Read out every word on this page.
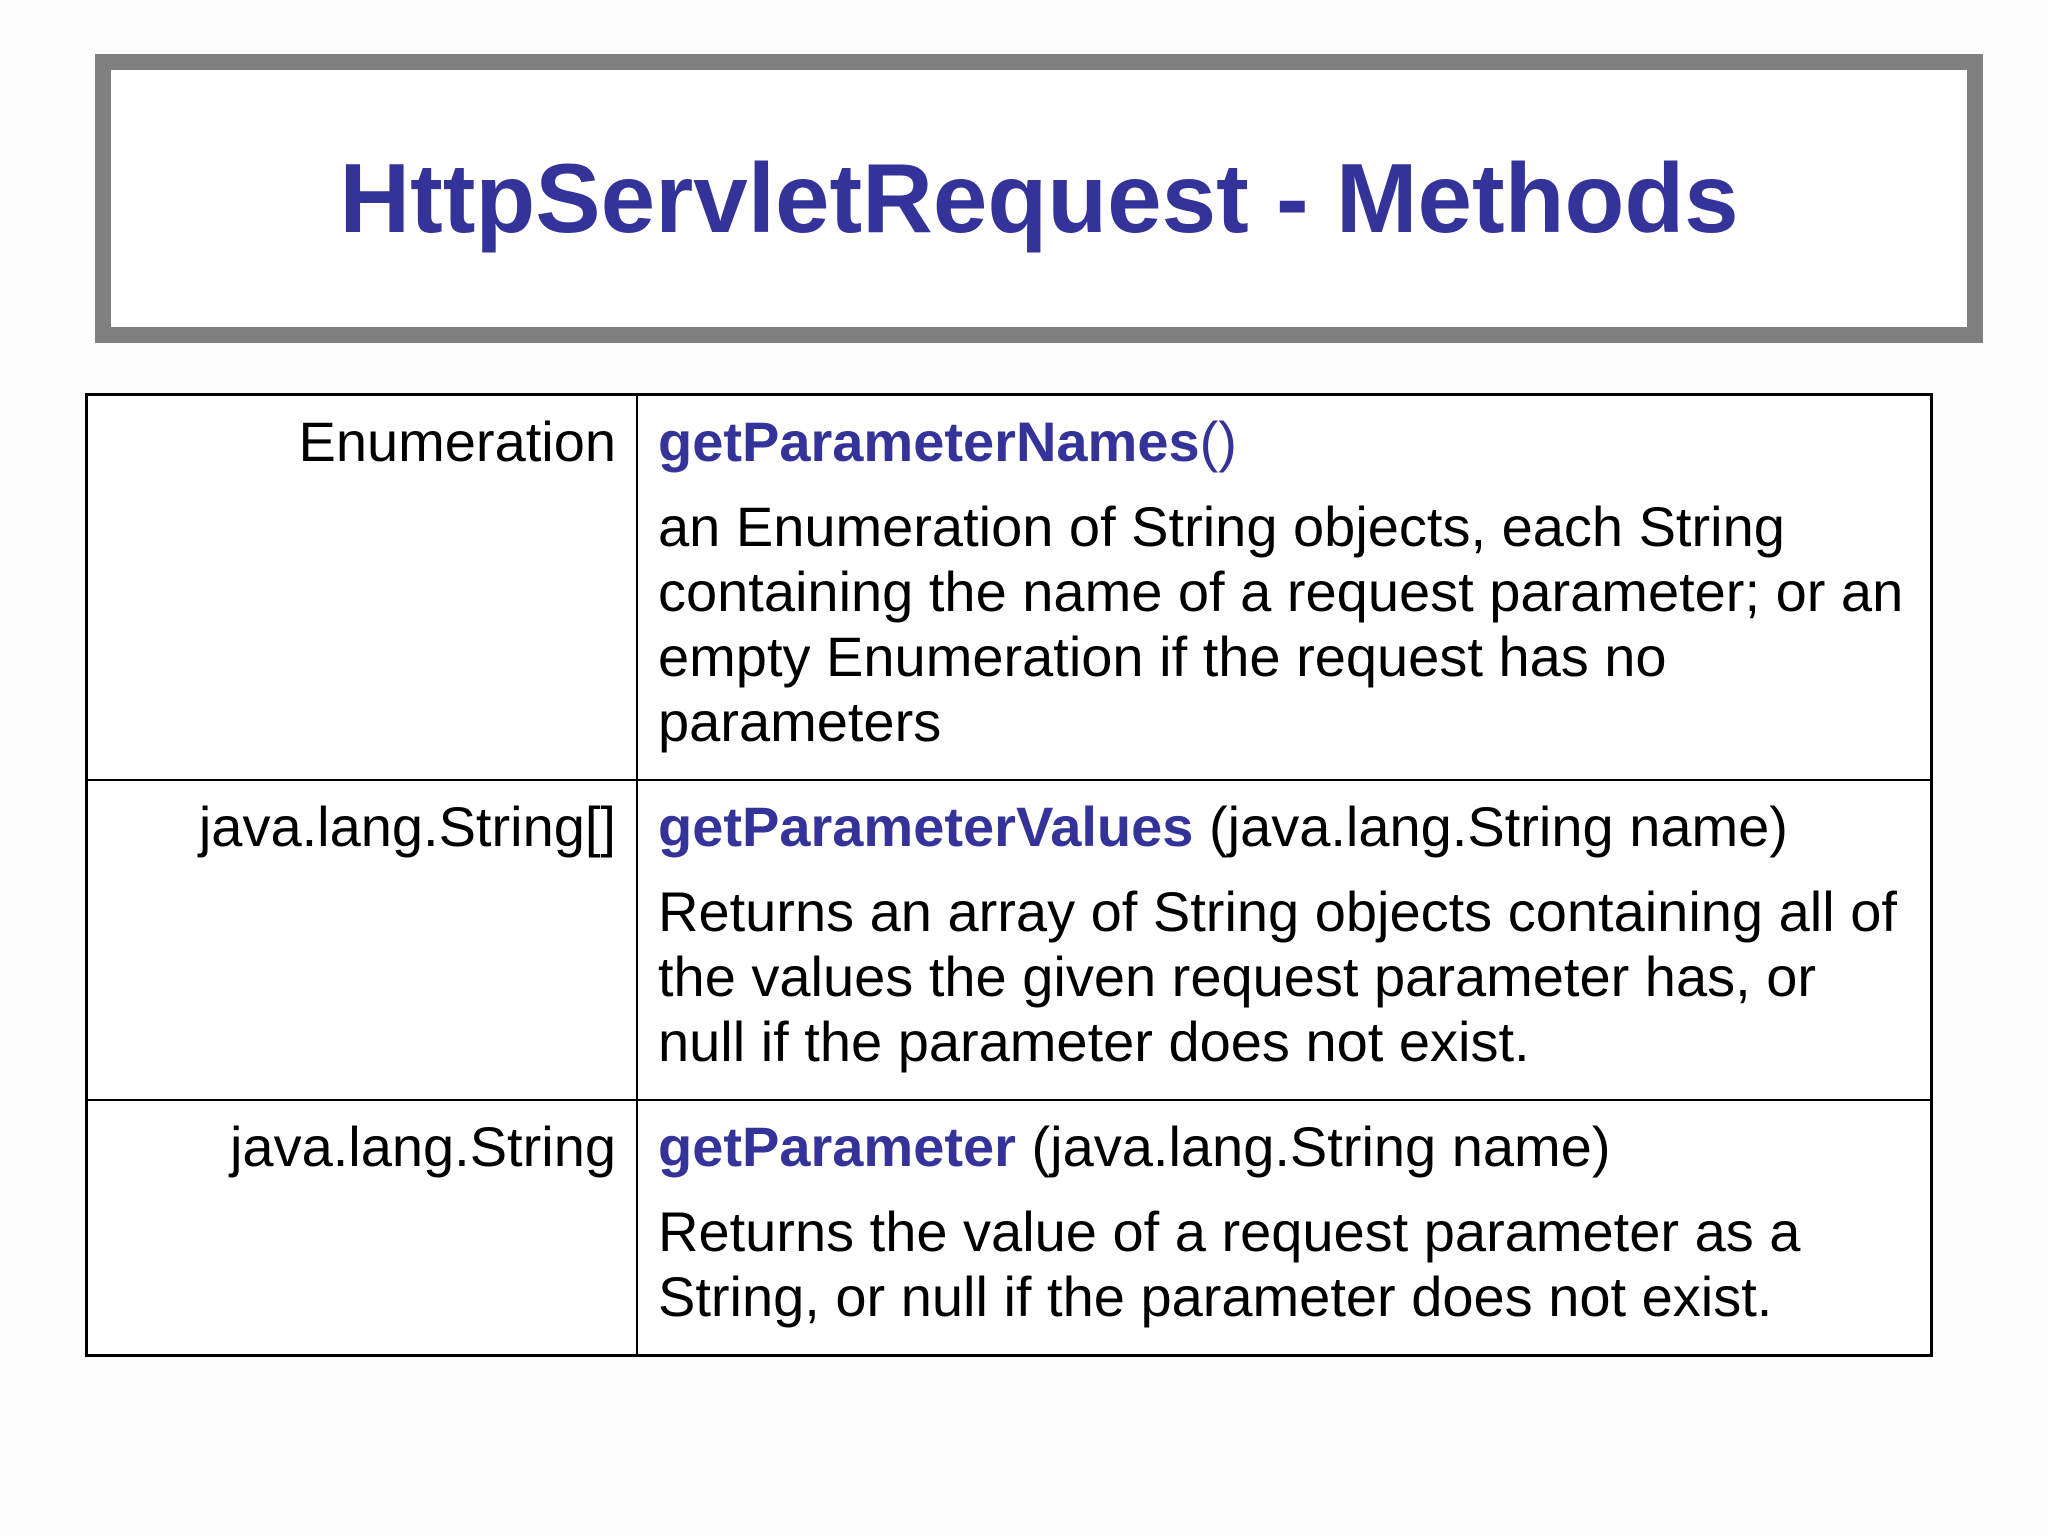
HttpServletRequest - Methods
Enumeration	getParameterNames()
an Enumeration of String objects, each String containing the name of a request parameter; or an empty Enumeration if the request has no parameters

java.lang.String[]	getParameterValues (java.lang.String name)
Returns an array of String objects containing all of the values the given request parameter has, or null if the parameter does not exist.

java.lang.String	getParameter (java.lang.String name)
Returns the value of a request parameter as a String, or null if the parameter does not exist.
